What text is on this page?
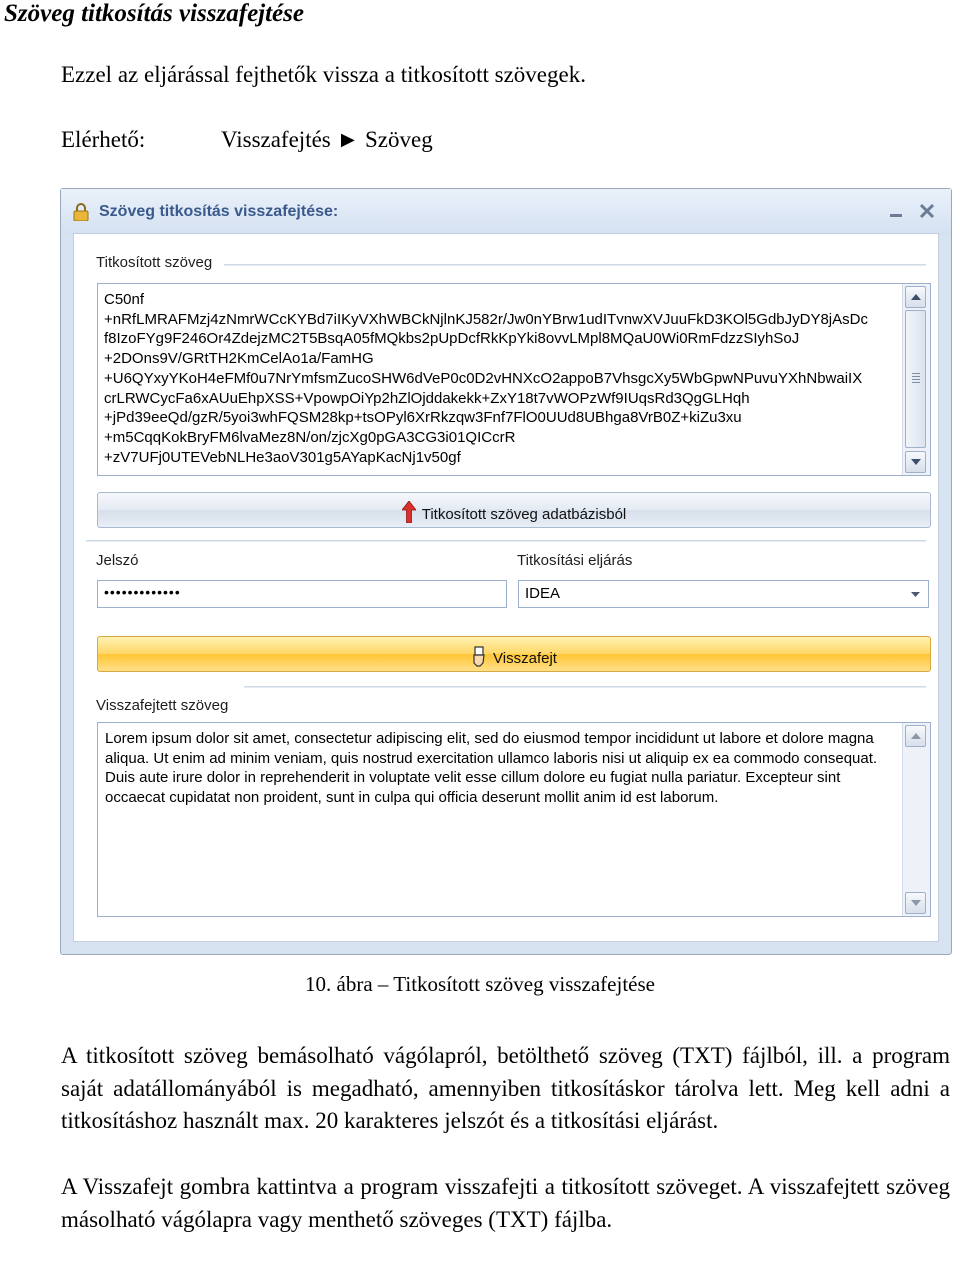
Szöveg titkosítás visszafejtése
Ezzel az eljárással fejthetők vissza a titkosított szövegek.
Elérhető:	Visszafejtés ► Szöveg
Szöveg titkosítás visszafejtése:
Titkosított szöveg
C50nf
+nRfLMRAFMzj4zNmrWCcKYBd7iIKyVXhWBCkNjlnKJ582r/Jw0nYBrw1udITvnwXVJuuFkD3KOl5GdbJyDY8jAsDc
f8IzoFYg9F246Or4ZdejzMC2T5BsqA05fMQkbs2pUpDcfRkKpYki8ovvLMpl8MQaU0Wi0RmFdzzSIyhSoJ
+2DOns9V/GRtTH2KmCelAo1a/FamHG
+U6QYxyYKoH4eFMf0u7NrYmfsmZucoSHW6dVeP0c0D2vHNXcO2appoB7VhsgcXy5WbGpwNPuvuYXhNbwaiIX
crLRWCycFa6xAUuEhpXSS+VpowpOiYp2hZlOjddakekk+ZxY18t7vWOPzWf9IUqsRd3QgGLHqh
+jPd39eeQd/gzR/5yoi3whFQSM28kp+tsOPyl6XrRkzqw3Fnf7FlO0UUd8UBhga8VrB0Z+kiZu3xu
+m5CqqKokBryFM6lvaMez8N/on/zjcXg0pGA3CG3i01QICcrR
+zV7UFj0UTEVebNLHe3aoV301g5AYapKacNj1v50gf
Titkosított szöveg adatbázisból
Jelszó	Titkosítási eljárás
•••••••••••••	IDEA
Visszafejt
Visszafejtett szöveg
Lorem ipsum dolor sit amet, consectetur adipiscing elit, sed do eiusmod tempor incididunt ut labore et dolore magna aliqua. Ut enim ad minim veniam, quis nostrud exercitation ullamco laboris nisi ut aliquip ex ea commodo consequat. Duis aute irure dolor in reprehenderit in voluptate velit esse cillum dolore eu fugiat nulla pariatur. Excepteur sint occaecat cupidatat non proident, sunt in culpa qui officia deserunt mollit anim id est laborum.
10. ábra – Titkosított szöveg visszafejtése
A titkosított szöveg bemásolható vágólapról, betölthető szöveg (TXT) fájlból, ill. a program saját adatállományából is megadható, amennyiben titkosításkor tárolva lett. Meg kell adni a titkosításhoz használt max. 20 karakteres jelszót és a titkosítási eljárást.
A Visszafejt gombra kattintva a program visszafejti a titkosított szöveget. A visszafejtett szöveg másolható vágólapra vagy menthető szöveges (TXT) fájlba.
